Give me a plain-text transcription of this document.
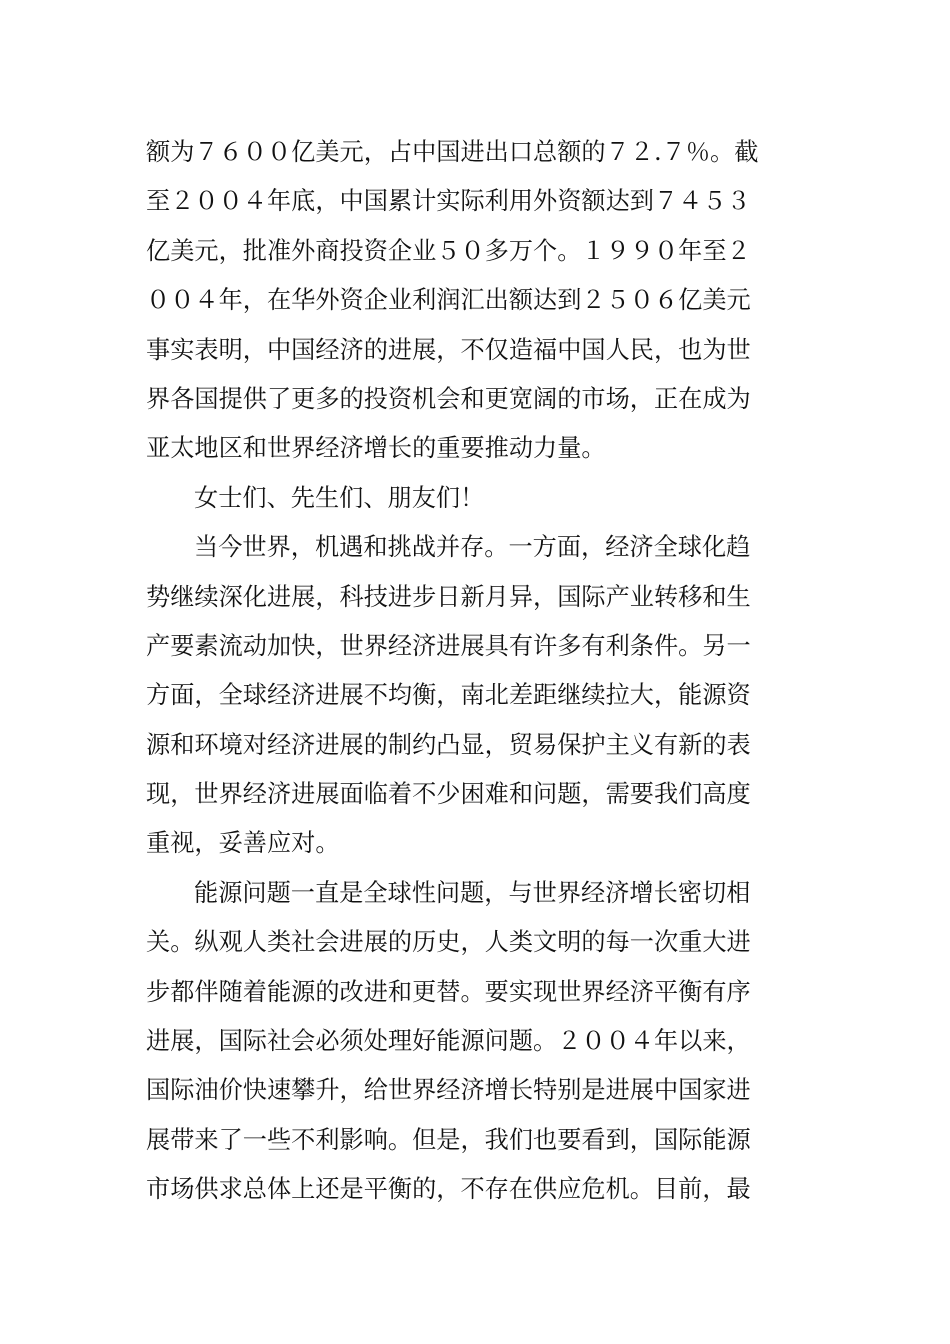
额为７６００亿美元，占中国进出口总额的７２.７％。截
至２００４年底，中国累计实际利用外资额达到７４５３
亿美元，批准外商投资企业５０多万个。１９９０年至２
００４年，在华外资企业利润汇出额达到２５０６亿美元
事实表明，中国经济的进展，不仅造福中国人民，也为世
界各国提供了更多的投资机会和更宽阔的市场，正在成为
亚太地区和世界经济增长的重要推动力量。
女士们、先生们、朋友们！
当今世界，机遇和挑战并存。一方面，经济全球化趋
势继续深化进展，科技进步日新月异，国际产业转移和生
产要素流动加快，世界经济进展具有许多有利条件。另一
方面，全球经济进展不均衡，南北差距继续拉大，能源资
源和环境对经济进展的制约凸显，贸易保护主义有新的表
现，世界经济进展面临着不少困难和问题，需要我们高度
重视，妥善应对。
能源问题一直是全球性问题，与世界经济增长密切相
关。纵观人类社会进展的历史，人类文明的每一次重大进
步都伴随着能源的改进和更替。要实现世界经济平衡有序
进展，国际社会必须处理好能源问题。２００４年以来，
国际油价快速攀升，给世界经济增长特别是进展中国家进
展带来了一些不利影响。但是，我们也要看到，国际能源
市场供求总体上还是平衡的，不存在供应危机。目前，最
